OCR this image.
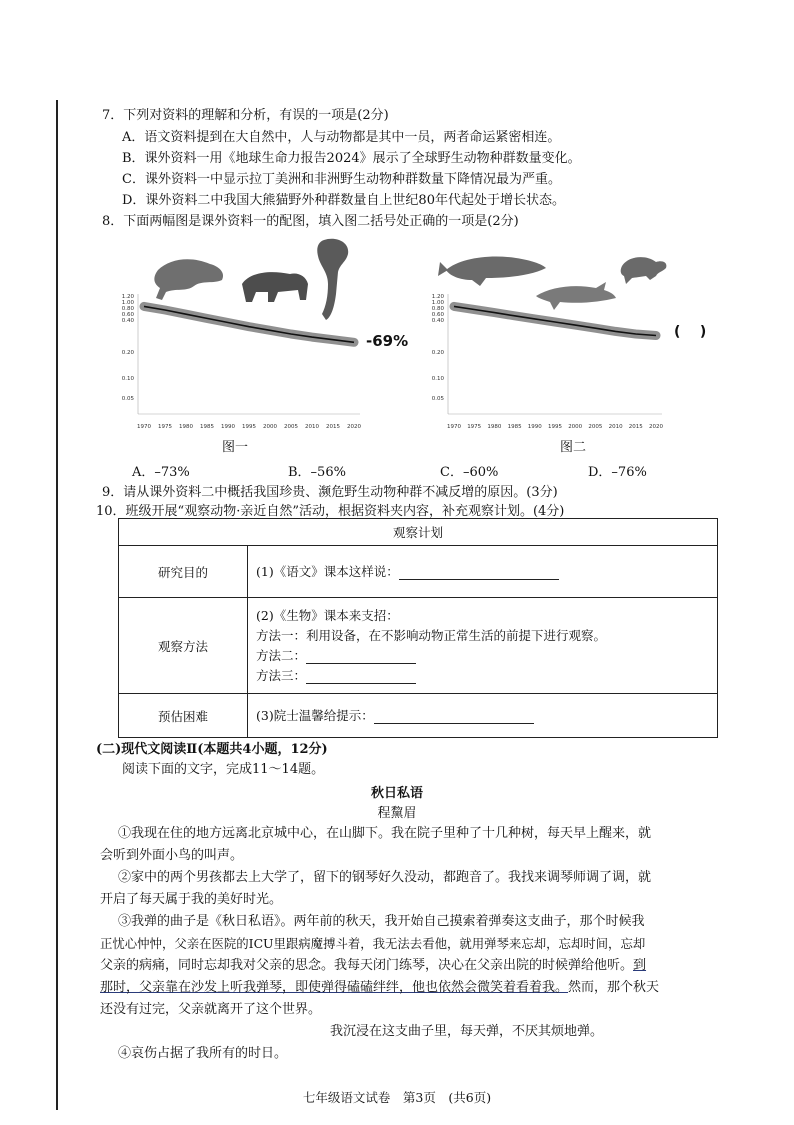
7．下列对资料的理解和分析，有误的一项是(2分)
A．语文资料提到在大自然中，人与动物都是其中一员，两者命运紧密相连。
B．课外资料一用《地球生命力报告2024》展示了全球野生动物种群数量变化。
C．课外资料一中显示拉丁美洲和非洲野生动物种群数量下降情况最为严重。
D．课外资料二中我国大熊猫野外种群数量自上世纪80年代起处于增长状态。
8．下面两幅图是课外资料一的配图，填入图二括号处正确的一项是(2分)
1.20
1.00
0.80
0.60
0.40
0.20
0.10
0.05
-69%
1970 1975 1980 1985 1990 1995 2000 2005 2010 2015 2020
图一
1.20
1.00
0.80
0.60
0.40
0.20
0.10
0.05
(    )
1970 1975 1980 1985 1990 1995 2000 2005 2010 2015 2020
图二
A．–73%	B．–56%	C．–60%	D．–76%
9．请从课外资料二中概括我国珍贵、濒危野生动物种群不减反增的原因。(3分)
10．班级开展“观察动物·亲近自然”活动，根据资料夹内容，补充观察计划。(4分)
观察计划	
研究目的	(1)《语文》课本这样说：

观察方法	(2)《生物》课本来支招：
方法一：利用设备，在不影响动物正常生活的前提下进行观察。
方法二：
方法三：

预估困难	(3)院士温馨给提示：
(二)现代文阅读Ⅱ(本题共4小题，12分)
阅读下面的文字，完成11～14题。
秋日私语
程黧眉
①我现在住的地方远离北京城中心，在山脚下。我在院子里种了十几种树，每天早上醒来，就
会听到外面小鸟的叫声。
②家中的两个男孩都去上大学了，留下的钢琴好久没动，都跑音了。我找来调琴师调了调，就
开启了每天属于我的美好时光。
③我弹的曲子是《秋日私语》。两年前的秋天，我开始自己摸索着弹奏这支曲子，那个时候我
正忧心忡忡，父亲在医院的ICU里跟病魔搏斗着，我无法去看他，就用弹琴来忘却，忘却时间，忘却
父亲的病痛，同时忘却我对父亲的思念。我每天闭门练琴，决心在父亲出院的时候弹给他听。到
那时，父亲靠在沙发上听我弹琴，即使弹得磕磕绊绊，他也依然会微笑着看着我。然而，那个秋天
还没有过完，父亲就离开了这个世界。
我沉浸在这支曲子里，每天弹，不厌其烦地弹。
④哀伤占据了我所有的时日。
七年级语文试卷　第3页　(共6页)
